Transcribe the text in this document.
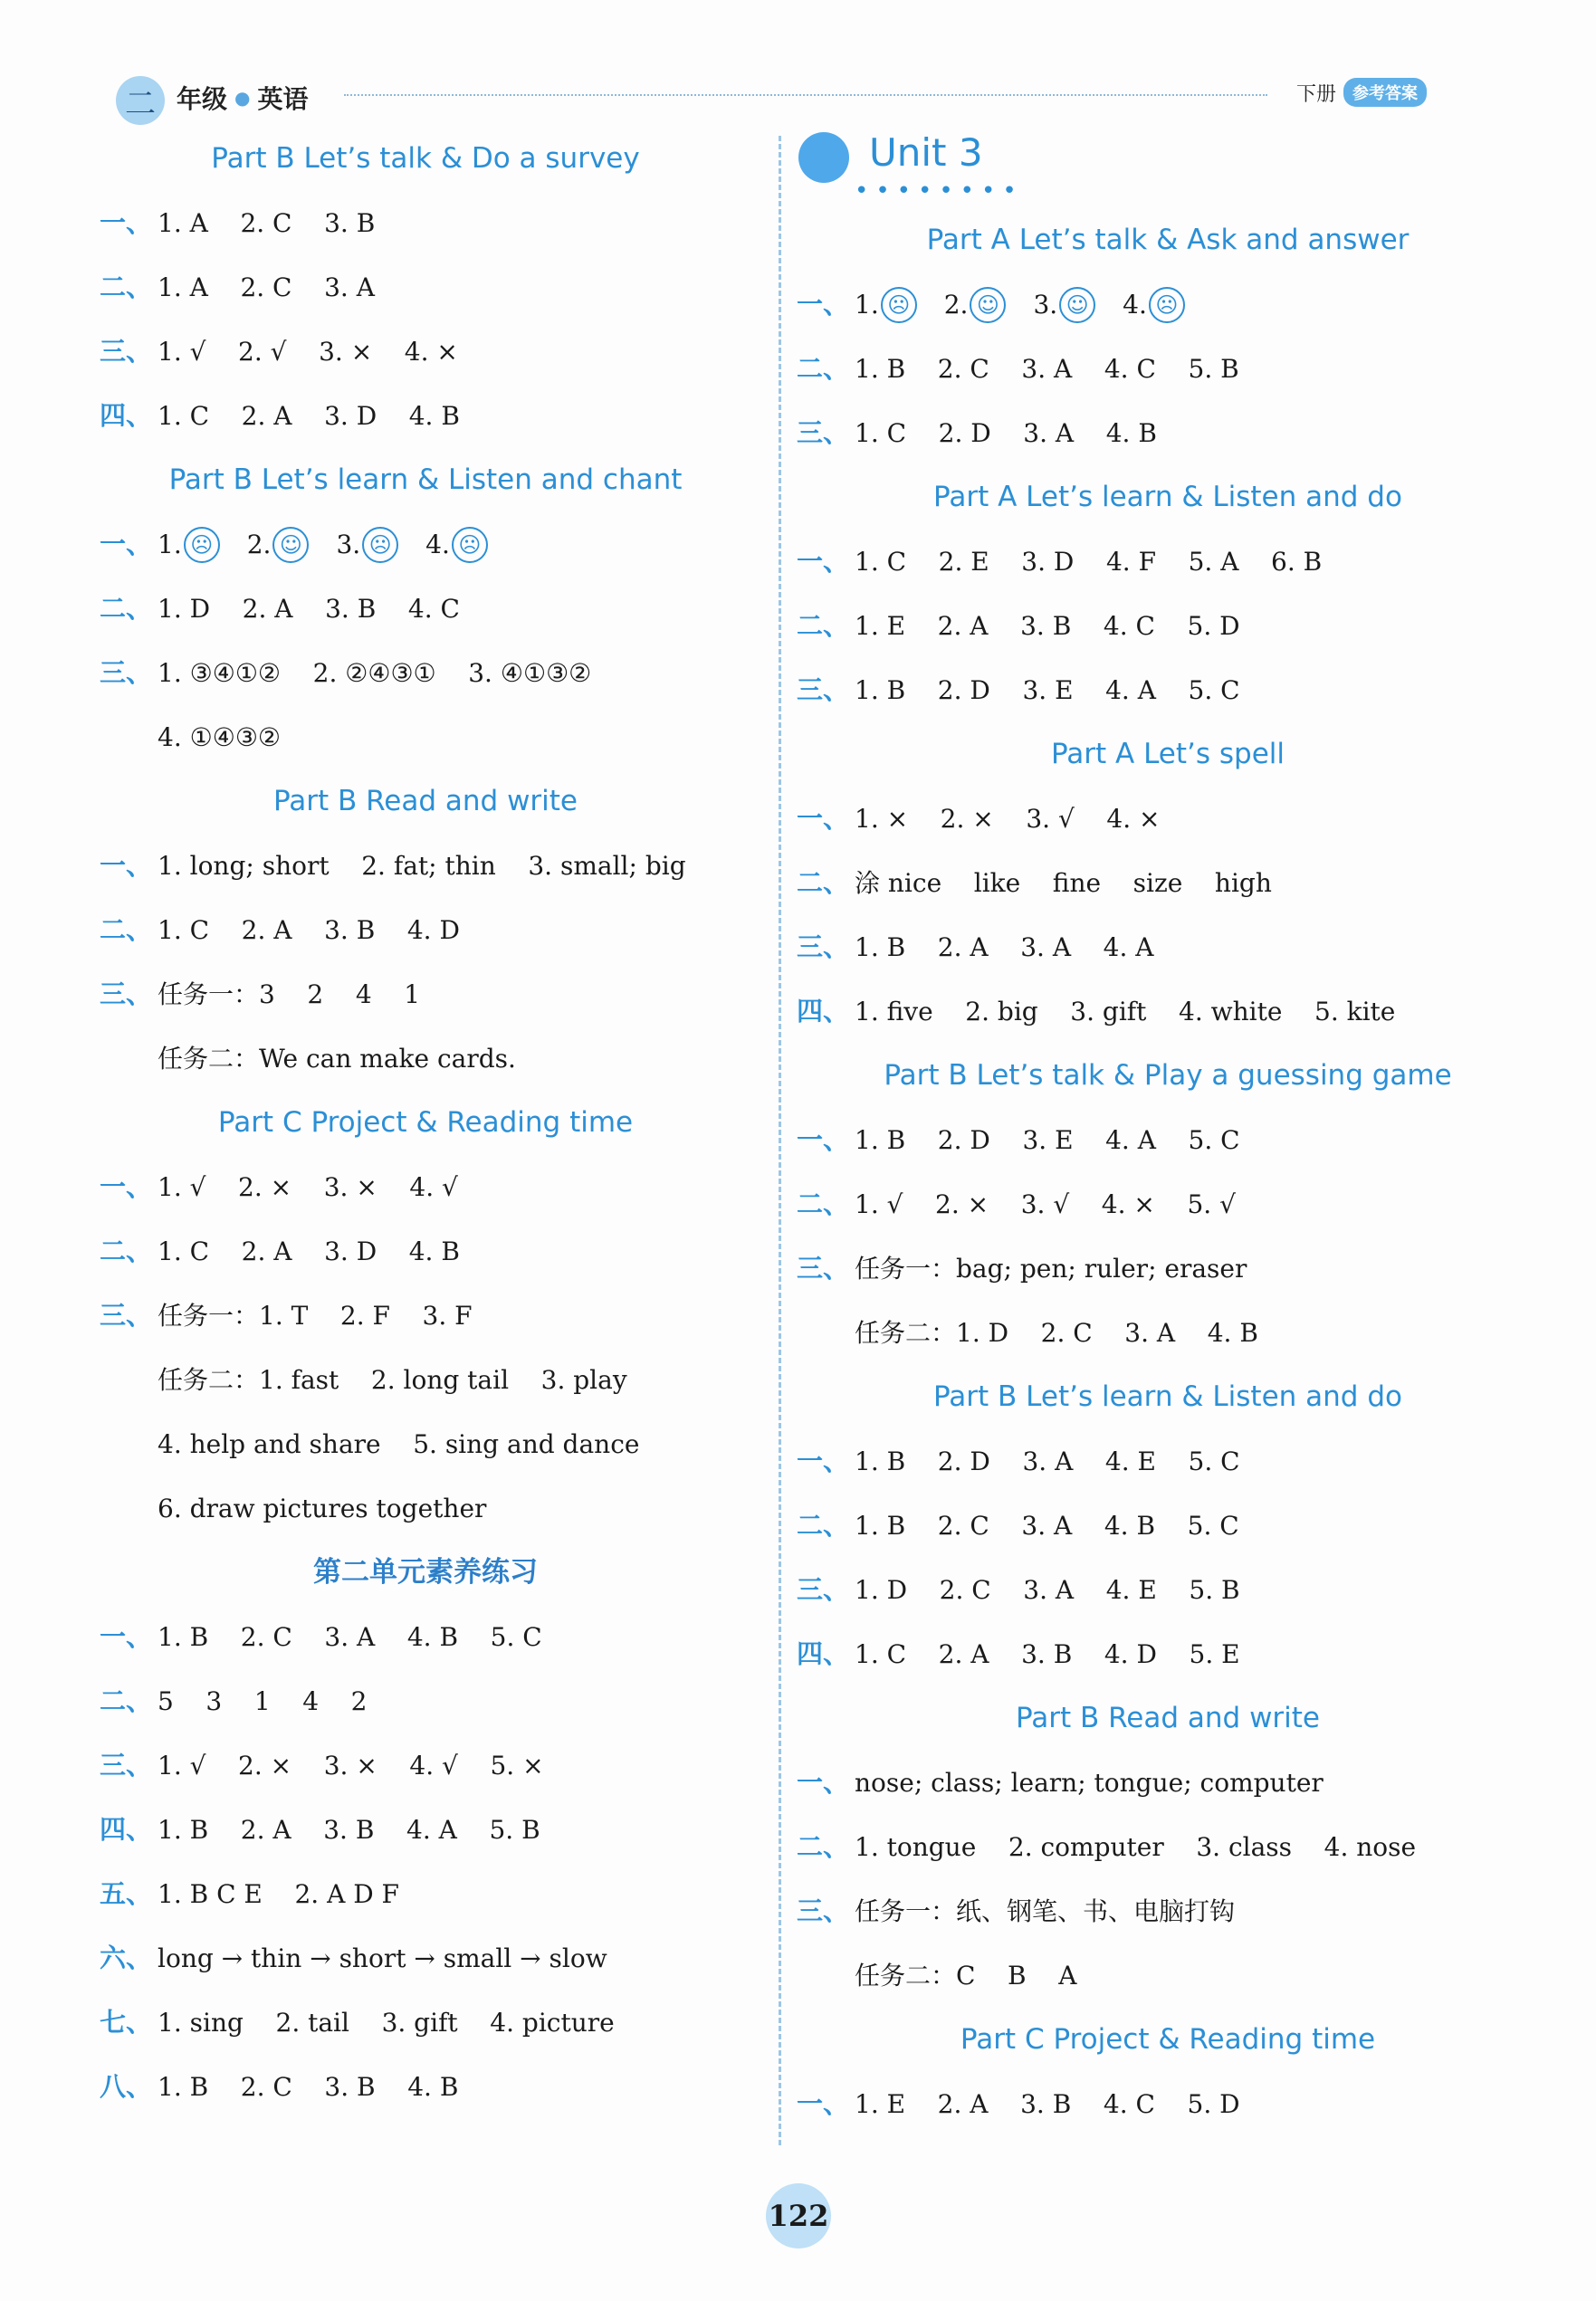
二 年级 ● 英语	下册	参考答案
Part B Let’s talk & Do a survey
一、 1. A    2. C    3. B
二、 1. A    2. C    3. A
三、 1. √    2. √    3. ×    4. ×
四、 1. C    2. A    3. D    4. B
Part B Let’s learn & Listen and chant
一、 1. ☹ 2. ☺ 3. ☹ 4. ☹
二、 1. D    2. A    3. B    4. C
三、 1. ③④①②    2. ②④③①    3. ④①③②
4. ①④③②
Part B Read and write
一、 1. long; short    2. fat; thin    3. small; big
二、 1. C    2. A    3. B    4. D
三、 任务一：3    2    4    1
任务二：We can make cards.
Part C Project & Reading time
一、 1. √    2. ×    3. ×    4. √
二、 1. C    2. A    3. D    4. B
三、 任务一：1. T    2. F    3. F
任务二：1. fast    2. long tail    3. play
4. help and share    5. sing and dance
6. draw pictures together
第二单元素养练习
一、 1. B    2. C    3. A    4. B    5. C
二、 5    3    1    4    2
三、 1. √    2. ×    3. ×    4. √    5. ×
四、 1. B    2. A    3. B    4. A    5. B
五、 1. B C E    2. A D F
六、 long → thin → short → small → slow
七、 1. sing    2. tail    3. gift    4. picture
八、 1. B    2. C    3. B    4. B
Unit 3
••••••••
Part A Let’s talk & Ask and answer
一、 1. ☹ 2. ☺ 3. ☺ 4. ☹
二、 1. B    2. C    3. A    4. C    5. B
三、 1. C    2. D    3. A    4. B
Part A Let’s learn & Listen and do
一、 1. C    2. E    3. D    4. F    5. A    6. B
二、 1. E    2. A    3. B    4. C    5. D
三、 1. B    2. D    3. E    4. A    5. C
Part A Let’s spell
一、 1. ×    2. ×    3. √    4. ×
二、 涂 nice    like    fine    size    high
三、 1. B    2. A    3. A    4. A
四、 1. five    2. big    3. gift    4. white    5. kite
Part B Let’s talk & Play a guessing game
一、 1. B    2. D    3. E    4. A    5. C
二、 1. √    2. ×    3. √    4. ×    5. √
三、 任务一：bag; pen; ruler; eraser
任务二：1. D    2. C    3. A    4. B
Part B Let’s learn & Listen and do
一、 1. B    2. D    3. A    4. E    5. C
二、 1. B    2. C    3. A    4. B    5. C
三、 1. D    2. C    3. A    4. E    5. B
四、 1. C    2. A    3. B    4. D    5. E
Part B Read and write
一、 nose; class; learn; tongue; computer
二、 1. tongue    2. computer    3. class    4. nose
三、 任务一：纸、钢笔、书、电脑打钩
任务二：C    B    A
Part C Project & Reading time
一、 1. E    2. A    3. B    4. C    5. D
122
